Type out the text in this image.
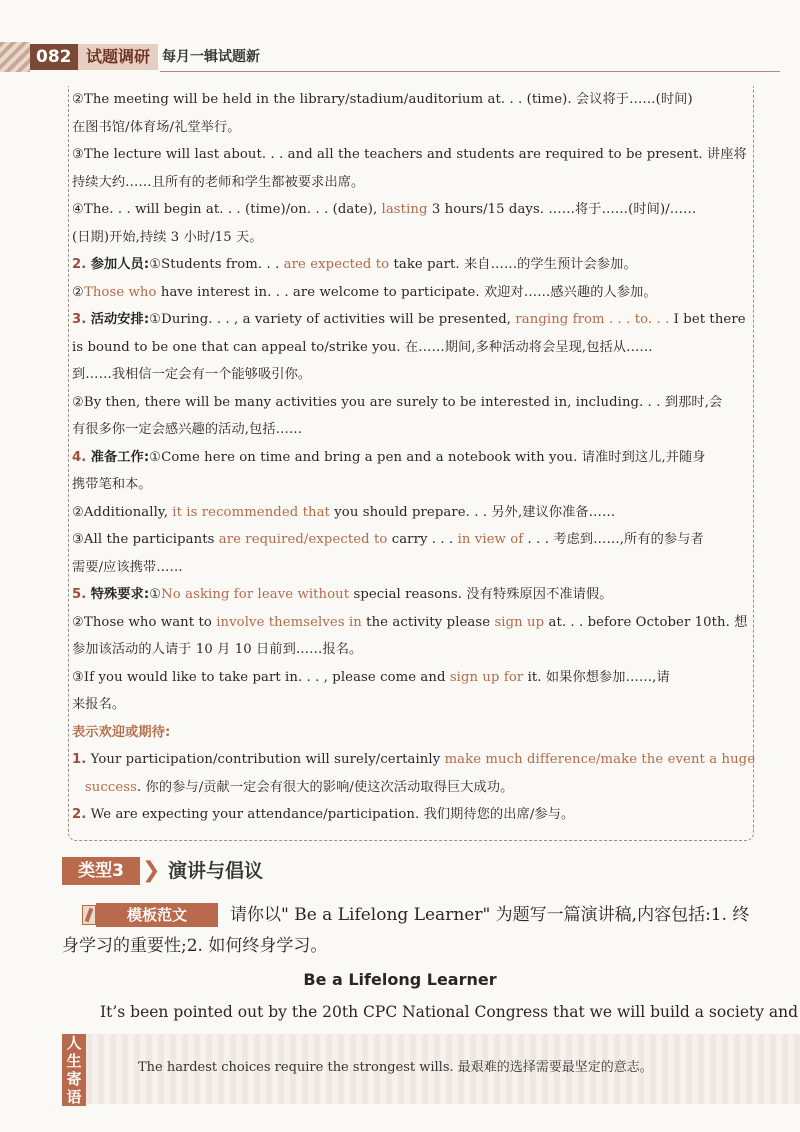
082 试题调研 每月一辑试题新

②The meeting will be held in the library/stadium/auditorium at. . . (time). 会议将于……(时间)

在图书馆/体育场/礼堂举行。

③The lecture will last about. . . and all the teachers and students are required to be present. 讲座将

持续大约……且所有的老师和学生都被要求出席。

④The. . . will begin at. . . (time)/on. . . (date), lasting 3 hours/15 days. ……将于……(时间)/……

(日期)开始,持续 3 小时/15 天。

2. 参加人员:①Students from. . . are expected to take part. 来自……的学生预计会参加。

②Those who have interest in. . . are welcome to participate. 欢迎对……感兴趣的人参加。

3. 活动安排:①During. . . , a variety of activities will be presented, ranging from . . . to. . . I bet there

is bound to be one that can appeal to/strike you. 在……期间,多种活动将会呈现,包括从……

到……我相信一定会有一个能够吸引你。

②By then, there will be many activities you are surely to be interested in, including. . . 到那时,会

有很多你一定会感兴趣的活动,包括……

4. 准备工作:①Come here on time and bring a pen and a notebook with you. 请准时到这儿,并随身

携带笔和本。

②Additionally, it is recommended that you should prepare. . . 另外,建议你准备……

③All the participants are required/expected to carry . . . in view of . . . 考虑到……,所有的参与者

需要/应该携带……

5. 特殊要求:①No asking for leave without special reasons. 没有特殊原因不准请假。

②Those who want to involve themselves in the activity please sign up at. . . before October 10th. 想

参加该活动的人请于 10 月 10 日前到……报名。

③If you would like to take part in. . . , please come and sign up for it. 如果你想参加……,请

来报名。

表示欢迎或期待:

1. Your participation/contribution will surely/certainly make much difference/make the event a huge

success. 你的参与/贡献一定会有很大的影响/使这次活动取得巨大成功。

2. We are expecting your attendance/participation. 我们期待您的出席/参与。

类型3 ❯ 演讲与倡议
模板范文	请你以" Be a Lifelong Learner" 为题写一篇演讲稿,内容包括:1. 终
身学习的重要性;2. 如何终身学习。
Be a Lifelong Learner
It’s been pointed out by the 20th CPC National Congress that we will build a society and
人生寄语
The hardest choices require the strongest wills. 最艰难的选择需要最坚定的意志。
